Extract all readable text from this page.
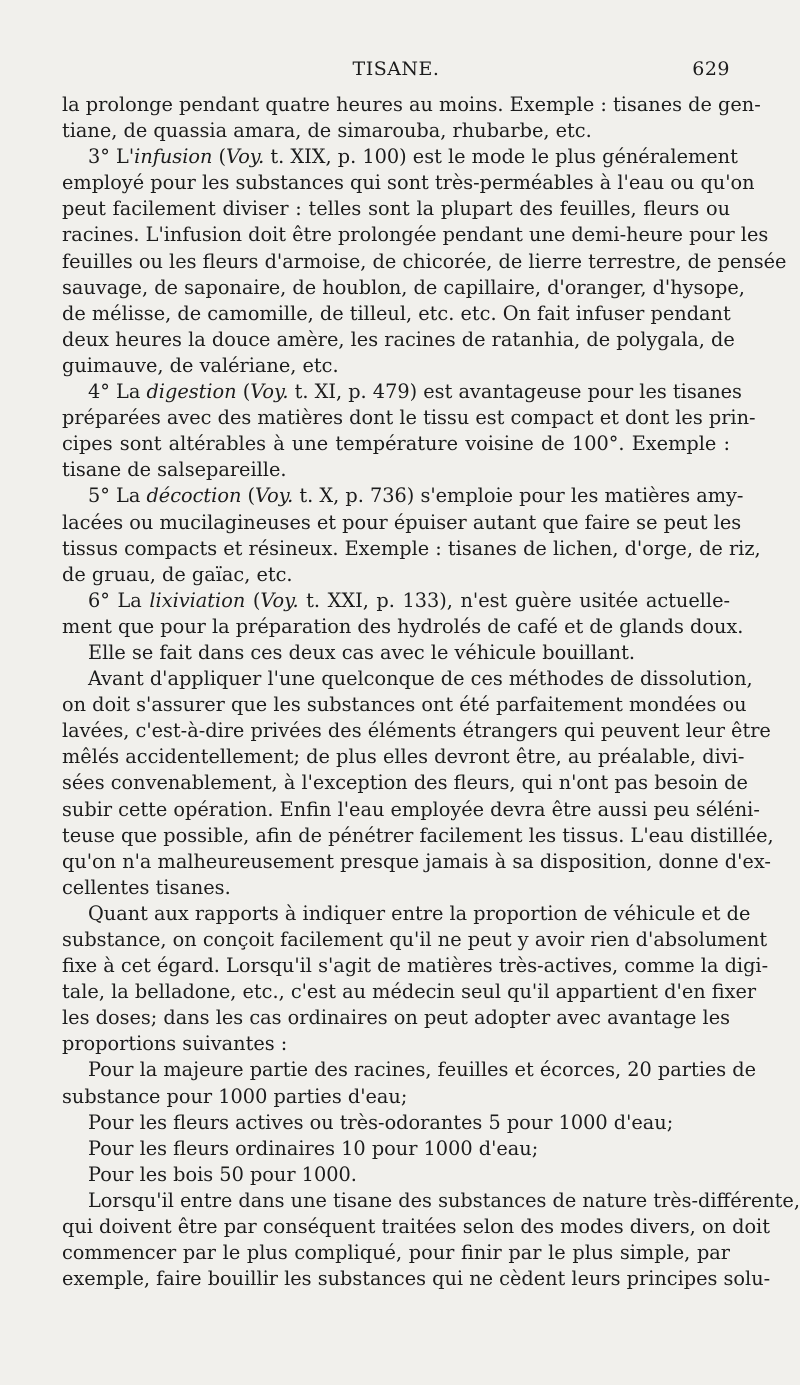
TISANE.	629
la prolonge pendant quatre heures au moins. Exemple : tisanes de gen-
tiane, de quassia amara, de simarouba, rhubarbe, etc.
3° L'infusion (Voy. t. XIX, p. 100) est le mode le plus généralement
employé pour les substances qui sont très-perméables à l'eau ou qu'on
peut facilement diviser : telles sont la plupart des feuilles, fleurs ou
racines. L'infusion doit être prolongée pendant une demi-heure pour les
feuilles ou les fleurs d'armoise, de chicorée, de lierre terrestre, de pensée
sauvage, de saponaire, de houblon, de capillaire, d'oranger, d'hysope,
de mélisse, de camomille, de tilleul, etc. etc. On fait infuser pendant
deux heures la douce amère, les racines de ratanhia, de polygala, de
guimauve, de valériane, etc.
4° La digestion (Voy. t. XI, p. 479) est avantageuse pour les tisanes
préparées avec des matières dont le tissu est compact et dont les prin-
cipes sont altérables à une température voisine de 100°. Exemple :
tisane de salsepareille.
5° La décoction (Voy. t. X, p. 736) s'emploie pour les matières amy-
lacées ou mucilagineuses et pour épuiser autant que faire se peut les
tissus compacts et résineux. Exemple : tisanes de lichen, d'orge, de riz,
de gruau, de gaïac, etc.
6° La lixiviation (Voy. t. XXI, p. 133), n'est guère usitée actuelle-
ment que pour la préparation des hydrolés de café et de glands doux.
Elle se fait dans ces deux cas avec le véhicule bouillant.
Avant d'appliquer l'une quelconque de ces méthodes de dissolution,
on doit s'assurer que les substances ont été parfaitement mondées ou
lavées, c'est-à-dire privées des éléments étrangers qui peuvent leur être
mêlés accidentellement; de plus elles devront être, au préalable, divi-
sées convenablement, à l'exception des fleurs, qui n'ont pas besoin de
subir cette opération. Enfin l'eau employée devra être aussi peu séléni-
teuse que possible, afin de pénétrer facilement les tissus. L'eau distillée,
qu'on n'a malheureusement presque jamais à sa disposition, donne d'ex-
cellentes tisanes.
Quant aux rapports à indiquer entre la proportion de véhicule et de
substance, on conçoit facilement qu'il ne peut y avoir rien d'absolument
fixe à cet égard. Lorsqu'il s'agit de matières très-actives, comme la digi-
tale, la belladone, etc., c'est au médecin seul qu'il appartient d'en fixer
les doses; dans les cas ordinaires on peut adopter avec avantage les
proportions suivantes :
Pour la majeure partie des racines, feuilles et écorces, 20 parties de
substance pour 1000 parties d'eau;
Pour les fleurs actives ou très-odorantes 5 pour 1000 d'eau;
Pour les fleurs ordinaires 10 pour 1000 d'eau;
Pour les bois 50 pour 1000.
Lorsqu'il entre dans une tisane des substances de nature très-différente,
qui doivent être par conséquent traitées selon des modes divers, on doit
commencer par le plus compliqué, pour finir par le plus simple, par
exemple, faire bouillir les substances qui ne cèdent leurs principes solu-
